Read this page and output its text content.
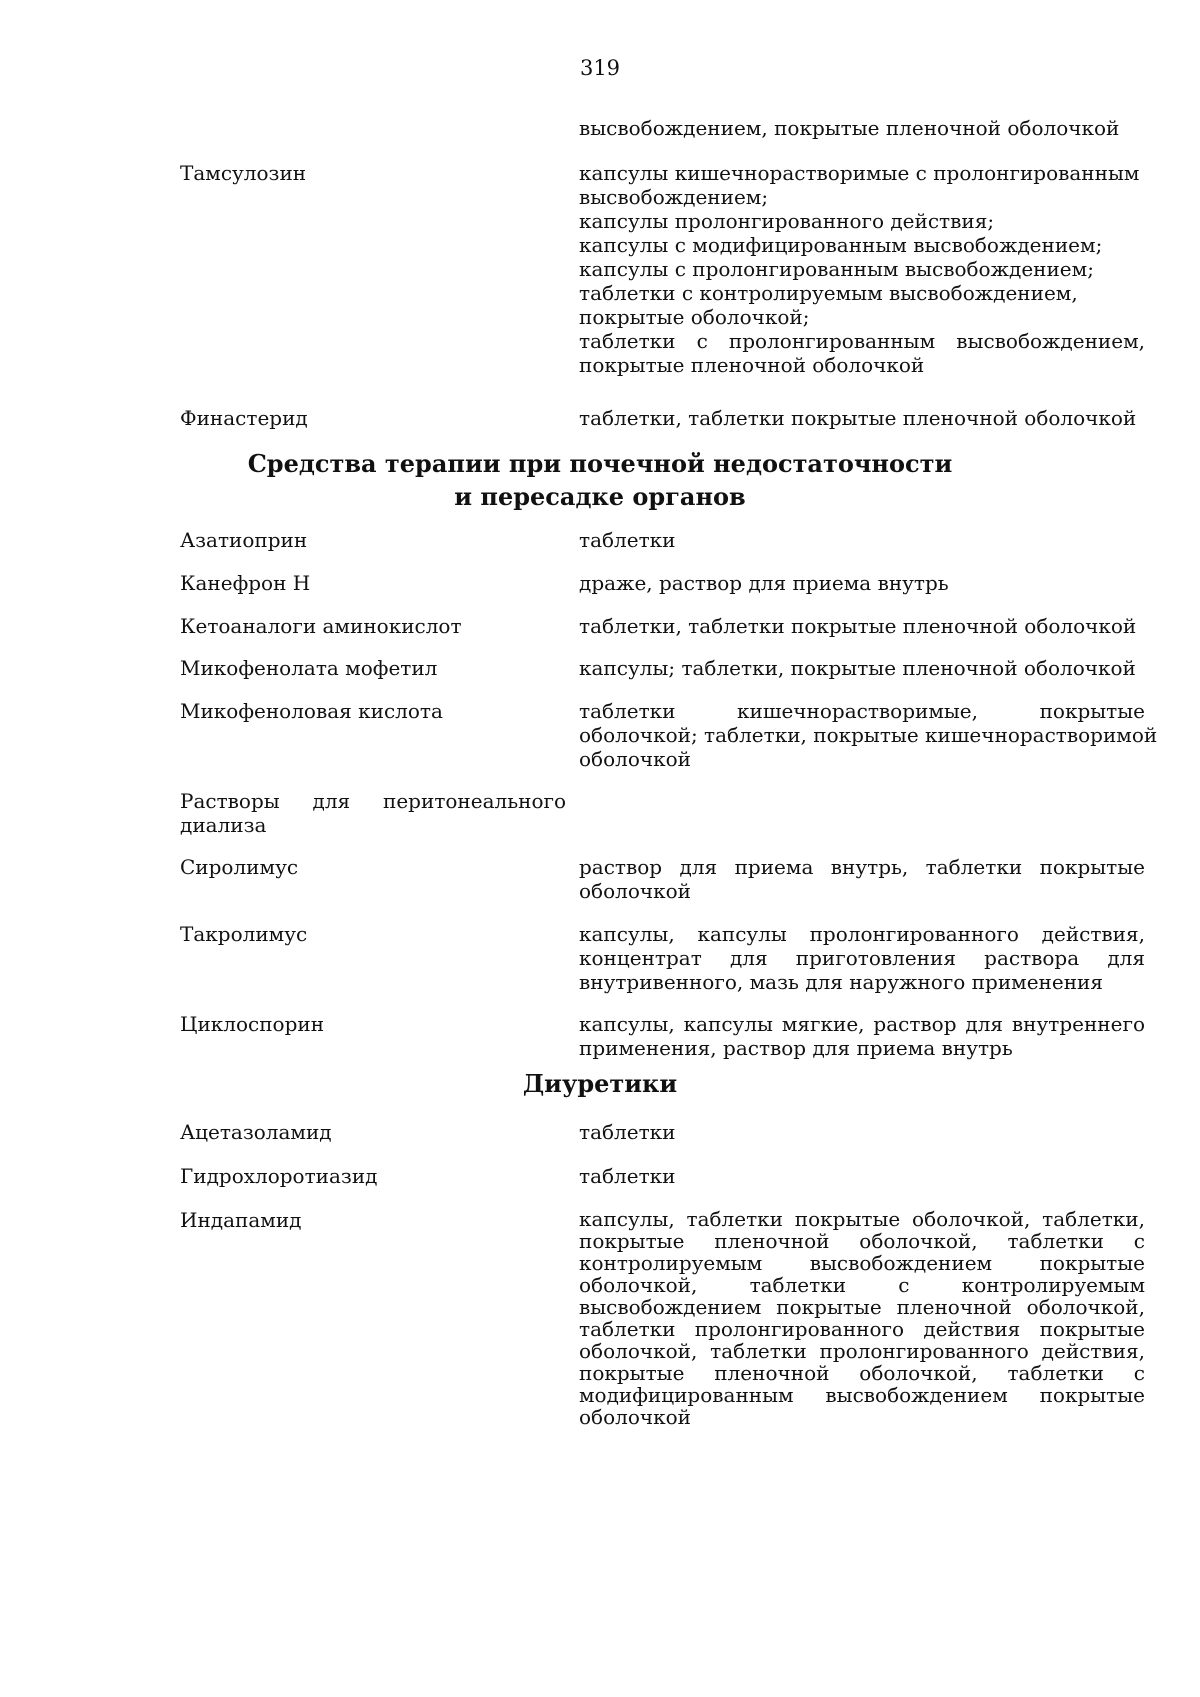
319
высвобождением, покрытые пленочной оболочкой
Тамсулозин	капсулы кишечнорастворимые с пролонгированным
высвобождением;
капсулы пролонгированного действия;
капсулы с модифицированным высвобождением;
капсулы с пролонгированным высвобождением;
таблетки с контролируемым высвобождением,
покрытые оболочкой;
таблетки с пролонгированным высвобождением,
покрытые пленочной оболочкой
Финастерид	таблетки, таблетки покрытые пленочной оболочкой
Средства терапии при почечной недостаточности
и пересадке органов
Азатиоприн	таблетки
Канефрон Н	драже, раствор для приема внутрь
Кетоаналоги аминокислот	таблетки, таблетки покрытые пленочной оболочкой
Микофенолата мофетил	капсулы; таблетки, покрытые пленочной оболочкой
Микофеноловая кислота	таблетки кишечнорастворимые, покрытые
оболочкой; таблетки, покрытые кишечнорастворимой
оболочкой
Растворы для перитонеального диализа
Сиролимус	раствор для приема внутрь, таблетки покрытые
оболочкой
Такролимус	капсулы, капсулы пролонгированного действия,
концентрат для приготовления раствора для
внутривенного, мазь для наружного применения
Циклоспорин	капсулы, капсулы мягкие, раствор для внутреннего
применения, раствор для приема внутрь
Диуретики
Ацетазоламид	таблетки
Гидрохлоротиазид	таблетки
Индапамид	капсулы, таблетки покрытые оболочкой, таблетки,
покрытые пленочной оболочкой, таблетки с
контролируемым высвобождением покрытые
оболочкой, таблетки с контролируемым
высвобождением покрытые пленочной оболочкой,
таблетки пролонгированного действия покрытые
оболочкой, таблетки пролонгированного действия,
покрытые пленочной оболочкой, таблетки с
модифицированным высвобождением покрытые
оболочкой
